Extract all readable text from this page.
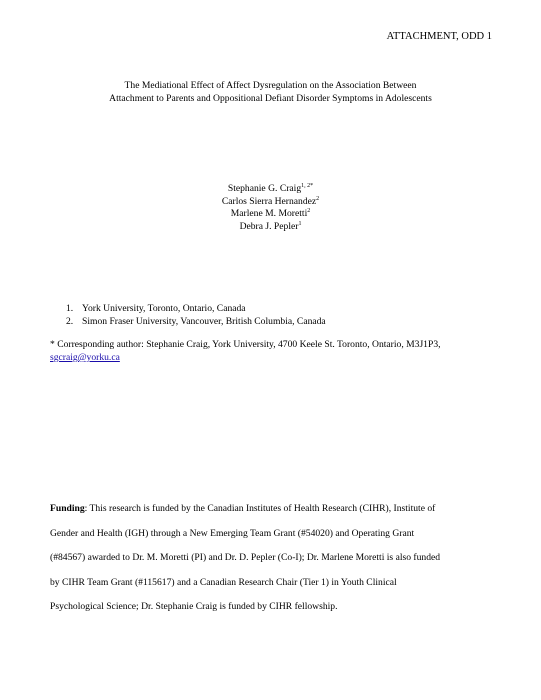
ATTACHMENT, ODD 1
The Mediational Effect of Affect Dysregulation on the Association Between
Attachment to Parents and Oppositional Defiant Disorder Symptoms in Adolescents
Stephanie G. Craig$^{1, 2*}$
Carlos Sierra Hernandez$^2$
Marlene M. Moretti$^2$
Debra J. Pepler$^1$
1. York University, Toronto, Ontario, Canada
2. Simon Fraser University, Vancouver, British Columbia, Canada
* Corresponding author: Stephanie Craig, York University, 4700 Keele St. Toronto, Ontario, M3J1P3,
sgcraig@yorku.ca
Funding: This research is funded by the Canadian Institutes of Health Research (CIHR), Institute of
Gender and Health (IGH) through a New Emerging Team Grant (#54020) and Operating Grant
(#84567) awarded to Dr. M. Moretti (PI) and Dr. D. Pepler (Co-I); Dr. Marlene Moretti is also funded
by CIHR Team Grant (#115617) and a Canadian Research Chair (Tier 1) in Youth Clinical
Psychological Science; Dr. Stephanie Craig is funded by CIHR fellowship.
